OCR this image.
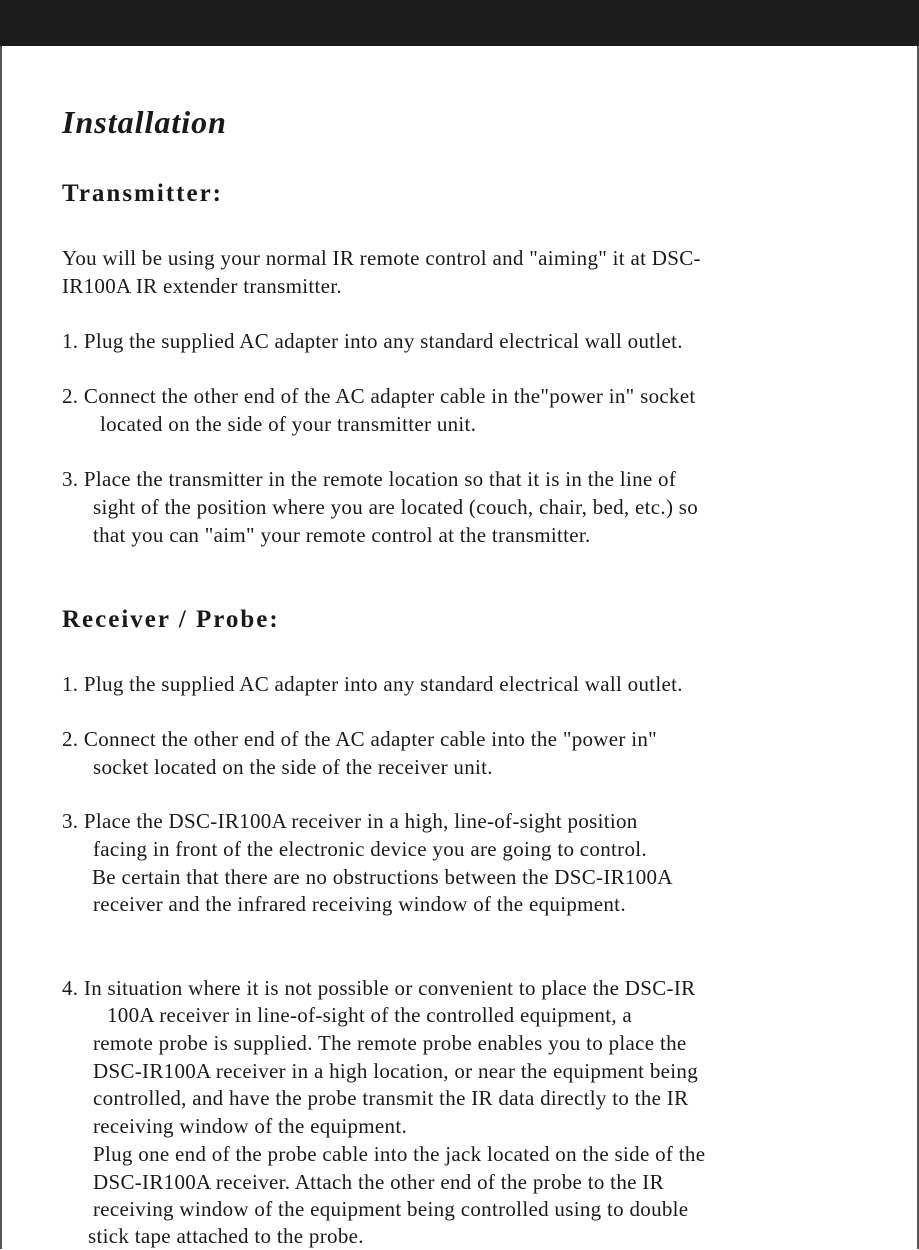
Installation
Transmitter:

You will be using your normal IR remote control and "aiming" it at DSC-

IR100A IR extender transmitter.

1. Plug the supplied AC adapter into any standard electrical wall outlet.

2. Connect the other end of the AC adapter cable in the"power in" socket

located on the side of your transmitter unit.

3. Place the transmitter in the remote location so that it is in the line of

sight of the position where you are located (couch, chair, bed, etc.) so

that you can "aim" your remote control at the transmitter.

Receiver / Probe:

1. Plug the supplied AC adapter into any standard electrical wall outlet.

2. Connect the other end of the AC adapter cable into the "power in"

socket located on the side of the receiver unit.

3. Place the DSC-IR100A receiver in a high, line-of-sight position

facing in front of the electronic device you are going to control.

Be certain that there are no obstructions between the DSC-IR100A

receiver and the infrared receiving window of the equipment.

4. In situation where it is not possible or convenient to place the DSC-IR

100A receiver in line-of-sight of the controlled equipment, a

remote probe is supplied. The remote probe enables you to place the

DSC-IR100A receiver in a high location, or near the equipment being

controlled, and have the probe transmit the IR data directly to the IR

receiving window of the equipment.

Plug one end of the probe cable into the jack located on the side of the

DSC-IR100A receiver. Attach the other end of the probe to the IR

receiving window of the equipment being controlled using to double

stick tape attached to the probe.
